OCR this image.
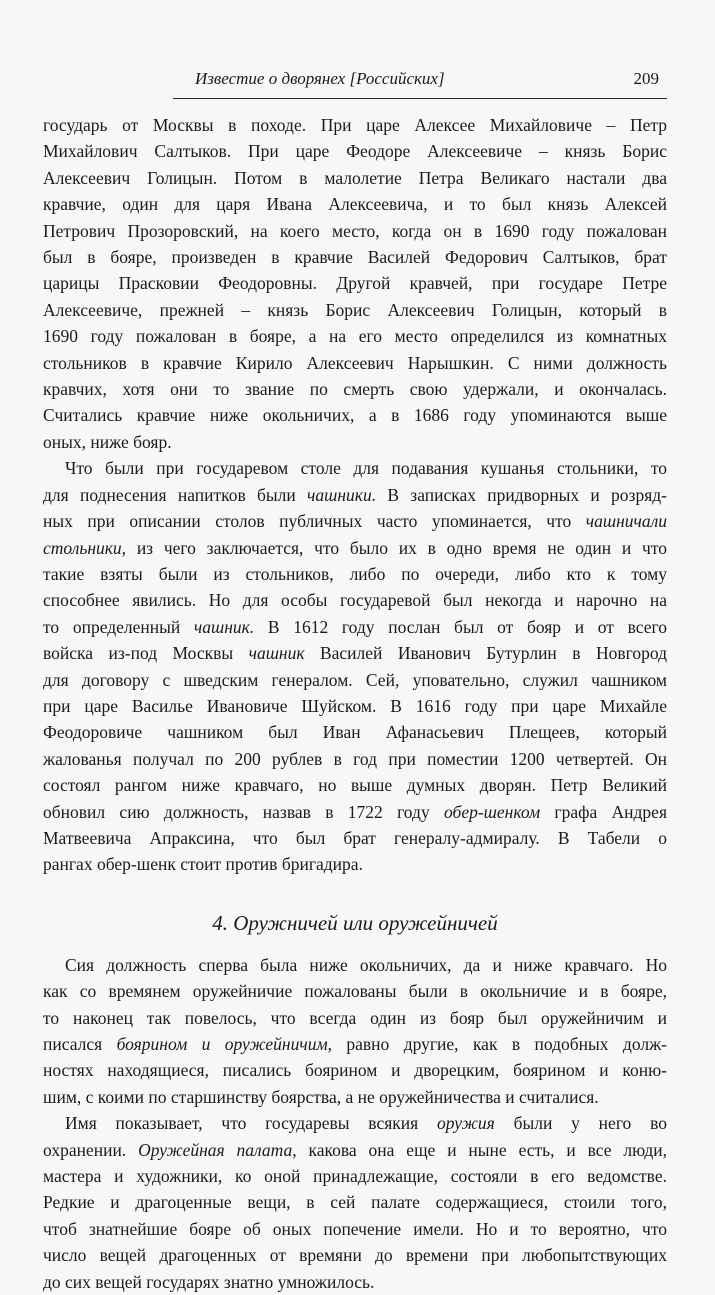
Известие о дворянех [Российских]	209
государь от Москвы в походе. При царе Алексее Михайловиче – Петр
Михайлович Салтыков. При царе Феодоре Алексеевиче – князь Борис
Алексеевич Голицын. Потом в малолетие Петра Великаго настали два
кравчие, один для царя Ивана Алексеевича, и то был князь Алексей
Петрович Прозоровский, на коего место, когда он в 1690 году пожалован
был в бояре, произведен в кравчие Василей Федорович Салтыков, брат
царицы Прасковии Феодоровны. Другой кравчей, при государе Петре
Алексеевиче, прежней – князь Борис Алексеевич Голицын, который в
1690 году пожалован в бояре, а на его место определился из комнатных
стольников в кравчие Кирило Алексеевич Нарышкин. С ними должность
кравчих, хотя они то звание по смерть свою удержали, и окончалась.
Считались кравчие ниже окольничих, а в 1686 году упоминаются выше
оных, ниже бояр.
Что были при государевом столе для подавания кушанья стольники, то
для поднесения напитков были чашники. В записках придворных и розряд-
ных при описании столов публичных часто упоминается, что чашничали
стольники, из чего заключается, что было их в одно время не один и что
такие взяты были из стольников, либо по очереди, либо кто к тому
способнее явились. Но для особы государевой был некогда и нарочно на
то определенный чашник. В 1612 году послан был от бояр и от всего
войска из-под Москвы чашник Василей Иванович Бутурлин в Новгород
для договору с шведским генералом. Сей, уповательно, служил чашником
при царе Василье Ивановиче Шуйском. В 1616 году при царе Михайле
Феодоровиче чашником был Иван Афанасьевич Плещеев, который
жалованья получал по 200 рублев в год при поместии 1200 четвертей. Он
состоял рангом ниже кравчаго, но выше думных дворян. Петр Великий
обновил сию должность, назвав в 1722 году обер-шенком графа Андрея
Матвеевича Апраксина, что был брат генералу-адмиралу. В Табели о
рангах обер-шенк стоит против бригадира.
4. Оружничей или оружейничей
Сия должность сперва была ниже окольничих, да и ниже кравчаго. Но
как со времянем оружейничие пожалованы были в окольничие и в бояре,
то наконец так повелось, что всегда один из бояр был оружейничим и
писался боярином и оружейничим, равно другие, как в подобных долж-
ностях находящиеся, писались боярином и дворецким, боярином и коню-
шим, с коими по старшинству боярства, а не оружейничества и считалися.
Имя показывает, что государевы всякия оружия были у него во
охранении. Оружейная палата, какова она еще и ныне есть, и все люди,
мастера и художники, ко оной принадлежащие, состояли в его ведомстве.
Редкие и драгоценные вещи, в сей палате содержащиеся, стоили того,
чтоб знатнейшие бояре об оных попечение имели. Но и то вероятно, что
число вещей драгоценных от времяни до времени при любопытствующих
до сих вещей государях знатно умножилось.
